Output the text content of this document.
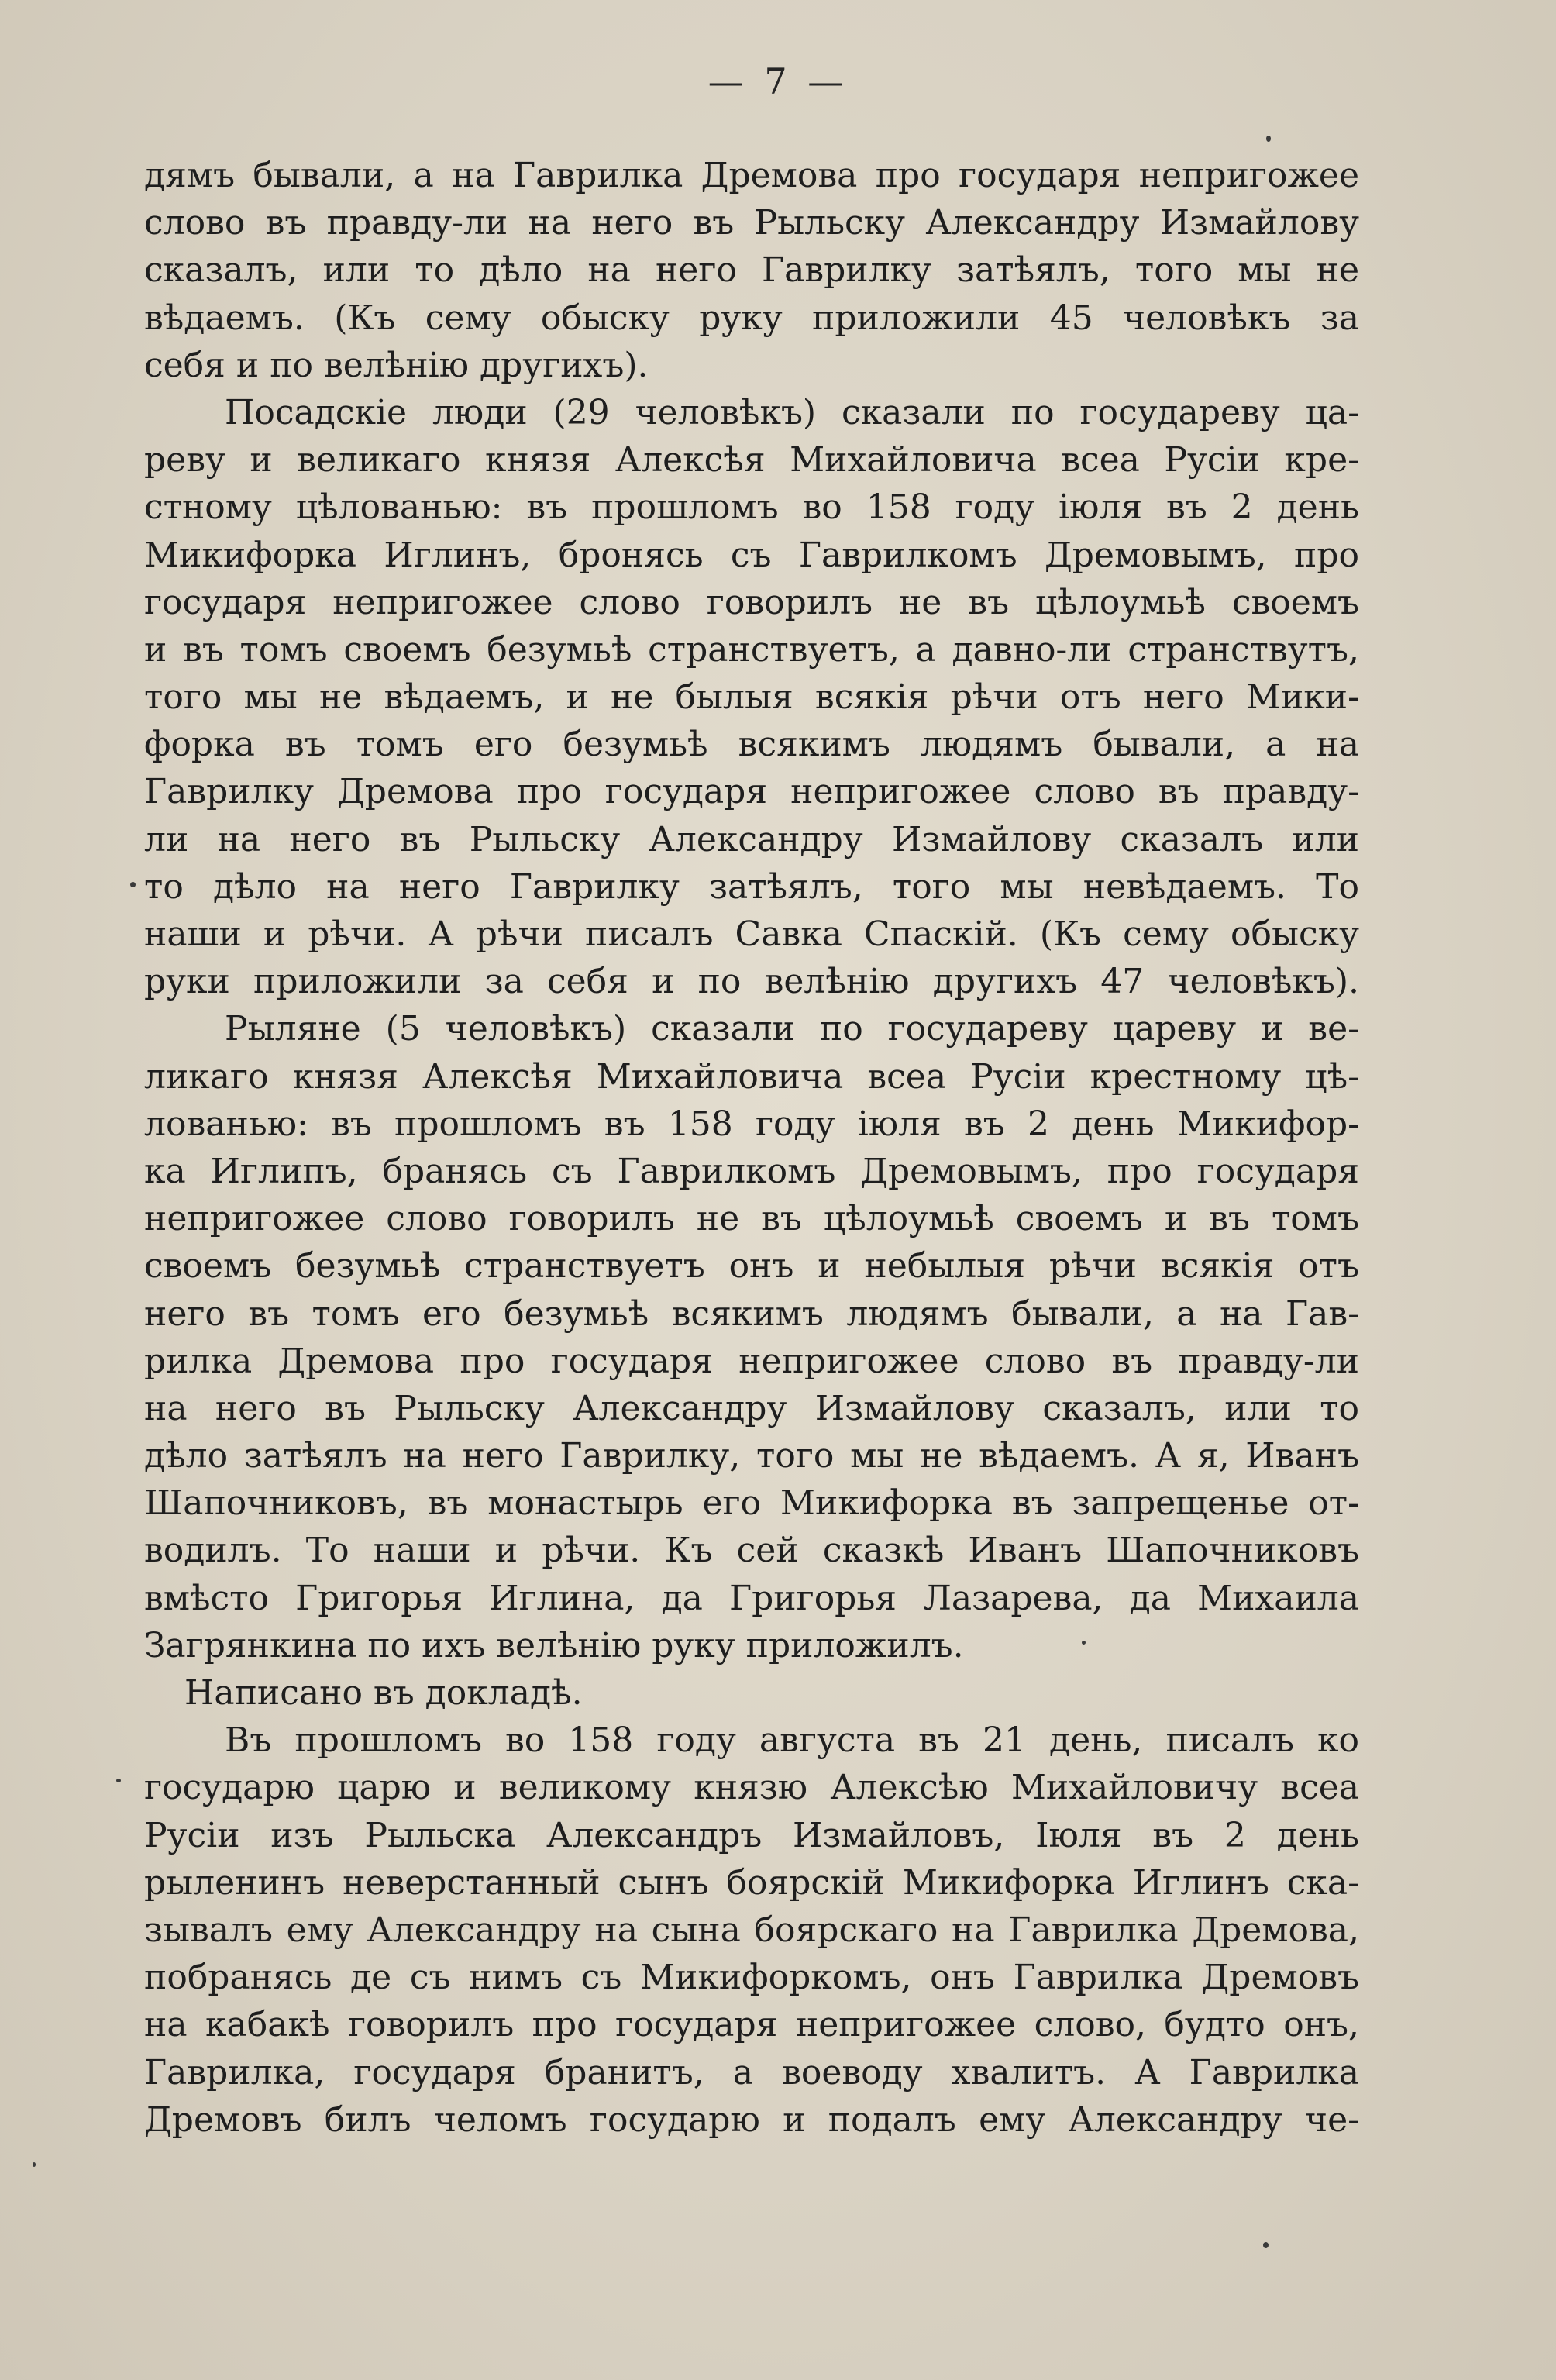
— 7 —
дямъ бывали, а на Гаврилка Дремова про государя непригожее
слово въ правду-ли на него въ Рыльску Александру Измайлову
сказалъ, или то дѣло на него Гаврилку затѣялъ, того мы не
вѣдаемъ. (Къ сему обыску руку приложили 45 человѣкъ за
себя и по велѣнію другихъ).
Посадскіе люди (29 человѣкъ) сказали по государеву ца-
реву и великаго князя Алексѣя Михайловича всеа Русіи кре-
стному цѣлованью: въ прошломъ во 158 году іюля въ 2 день
Микифорка Иглинъ, бронясь съ Гаврилкомъ Дремовымъ, про
государя непригожее слово говорилъ не въ цѣлоумьѣ своемъ
и въ томъ своемъ безумьѣ странствуетъ, а давно-ли странствутъ,
того мы не вѣдаемъ, и не былыя всякія рѣчи отъ него Мики-
форка въ томъ его безумьѣ всякимъ людямъ бывали, а на
Гаврилку Дремова про государя непригожее слово въ правду-
ли на него въ Рыльску Александру Измайлову сказалъ или
то дѣло на него Гаврилку затѣялъ, того мы невѣдаемъ. То
наши и рѣчи. А рѣчи писалъ Савка Спаскій. (Къ сему обыску
руки приложили за себя и по велѣнію другихъ 47 человѣкъ).
Рыляне (5 человѣкъ) сказали по государеву цареву и ве-
ликаго князя Алексѣя Михайловича всеа Русіи крестному цѣ-
лованью: въ прошломъ въ 158 году іюля въ 2 день Микифор-
ка Иглипъ, бранясь съ Гаврилкомъ Дремовымъ, про государя
непригожее слово говорилъ не въ цѣлоумьѣ своемъ и въ томъ
своемъ безумьѣ странствуетъ онъ и небылыя рѣчи всякія отъ
него въ томъ его безумьѣ всякимъ людямъ бывали, а на Гав-
рилка Дремова про государя непригожее слово въ правду-ли
на него въ Рыльску Александру Измайлову сказалъ, или то
дѣло затѣялъ на него Гаврилку, того мы не вѣдаемъ. А я, Иванъ
Шапочниковъ, въ монастырь его Микифорка въ запрещенье от-
водилъ. То наши и рѣчи. Къ сей сказкѣ Иванъ Шапочниковъ
вмѣсто Григорья Иглина, да Григорья Лазарева, да Михаила
Загрянкина по ихъ велѣнію руку приложилъ.
Написано въ докладѣ.
Въ прошломъ во 158 году августа въ 21 день, писалъ ко
государю царю и великому князю Алексѣю Михайловичу всеа
Русіи изъ Рыльска Александръ Измайловъ, Іюля въ 2 день
рыленинъ неверстанный сынъ боярскій Микифорка Иглинъ ска-
зывалъ ему Александру на сына боярскаго на Гаврилка Дремова,
побранясь де съ нимъ съ Микифоркомъ, онъ Гаврилка Дремовъ
на кабакѣ говорилъ про государя непригожее слово, будто онъ,
Гаврилка, государя бранитъ, а воеводу хвалитъ. А Гаврилка
Дремовъ билъ челомъ государю и подалъ ему Александру че-
